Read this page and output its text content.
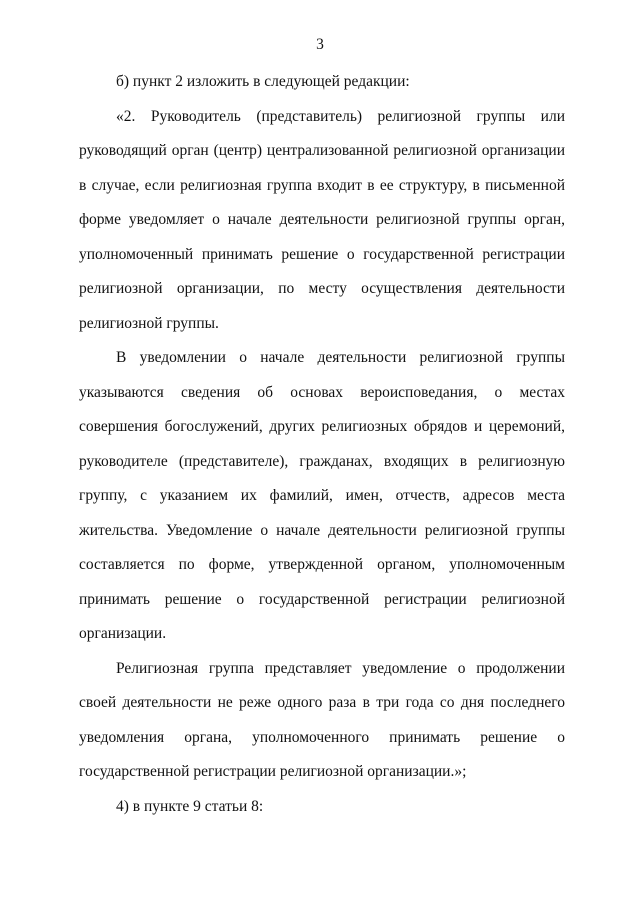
3

б) пункт 2 изложить в следующей редакции:

«2. Руководитель (представитель) религиозной группы или руководящий орган (центр) централизованной религиозной организации в случае, если религиозная группа входит в ее структуру, в письменной форме уведомляет о начале деятельности религиозной группы орган, уполномоченный принимать решение о государственной регистрации религиозной организации, по месту осуществления деятельности религиозной группы.

В уведомлении о начале деятельности религиозной группы указываются сведения об основах вероисповедания, о местах совершения богослужений, других религиозных обрядов и церемоний, руководителе (представителе), гражданах, входящих в религиозную группу, с указанием их фамилий, имен, отчеств, адресов места жительства. Уведомление о начале деятельности религиозной группы составляется по форме, утвержденной органом, уполномоченным принимать решение о государственной регистрации религиозной организации.

Религиозная группа представляет уведомление о продолжении своей деятельности не реже одного раза в три года со дня последнего уведомления органа, уполномоченного принимать решение о государственной регистрации религиозной организации.»;

4) в пункте 9 статьи 8:
